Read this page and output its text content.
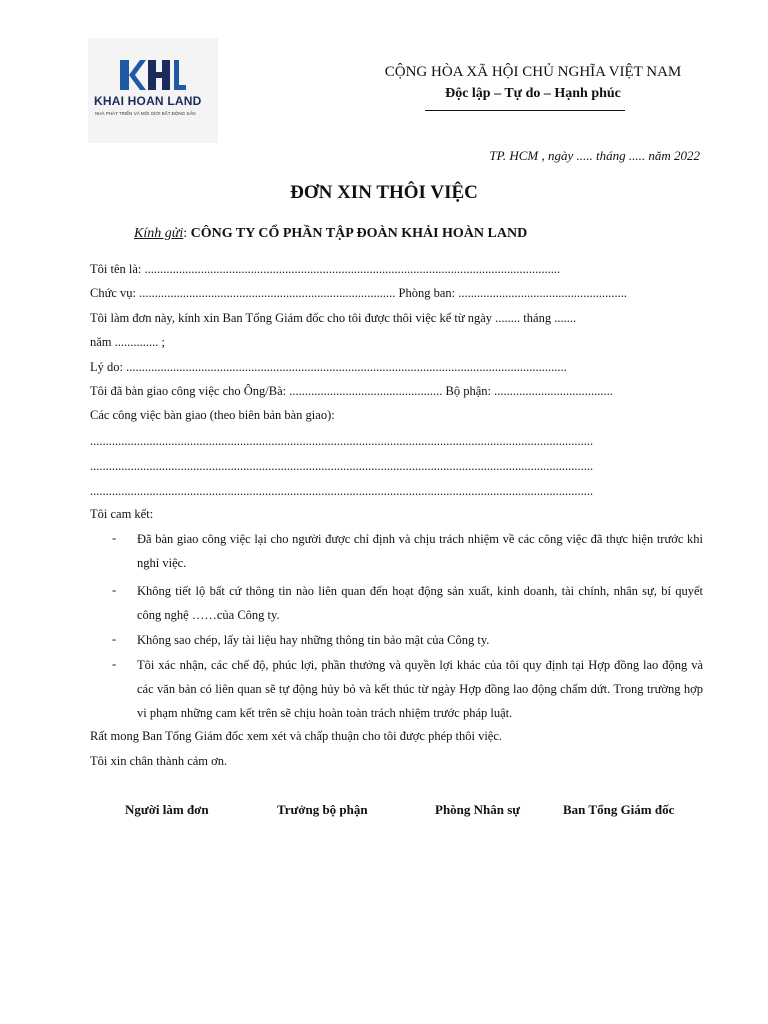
KHAI HOAN LAND
NHÀ PHÁT TRIỂN VÀ MÔI GIỚI BẤT ĐỘNG SẢN
CỘNG HÒA XÃ HỘI CHỦ NGHĨA VIỆT NAM
Độc lập – Tự do – Hạnh phúc
TP. HCM , ngày ..... tháng ..... năm 2022
ĐƠN XIN THÔI VIỆC
Kính gửi: CÔNG TY CỔ PHẦN TẬP ĐOÀN KHẢI HOÀN LAND
Tôi tên là: .....................................................................................................................................
Chức vụ: .................................................................................. Phòng ban: ......................................................
Tôi làm đơn này, kính xin Ban Tổng Giám đốc cho tôi được thôi việc kể từ ngày ........ tháng .......
năm .............. ;
Lý do: .............................................................................................................................................
Tôi đã bàn giao công việc cho Ông/Bà: ................................................. Bộ phận: ......................................
Các công việc bàn giao (theo biên bản bàn giao):
.................................................................................................................................................................
.................................................................................................................................................................
.................................................................................................................................................................
Tôi cam kết:
- Đã bàn giao công việc lại cho người được chỉ định và chịu trách nhiệm về các công việc đã thực hiện trước khi nghỉ việc.
- Không tiết lộ bất cứ thông tin nào liên quan đến hoạt động sản xuất, kinh doanh, tài chính, nhân sự, bí quyết công nghệ ……của Công ty.
- Không sao chép, lấy tài liệu hay những thông tin bảo mật của Công ty.
- Tôi xác nhận, các chế độ, phúc lợi, phần thưởng và quyền lợi khác của tôi quy định tại Hợp đồng lao động và các văn bản có liên quan sẽ tự động hủy bỏ và kết thúc từ ngày Hợp đồng lao động chấm dứt. Trong trường hợp vi phạm những cam kết trên sẽ chịu hoàn toàn trách nhiệm trước pháp luật.
Rất mong Ban Tổng Giám đốc xem xét và chấp thuận cho tôi được phép thôi việc.
Tôi xin chân thành cảm ơn.
Người làm đơn	Trưởng bộ phận	Phòng Nhân sự	Ban Tổng Giám đốc
